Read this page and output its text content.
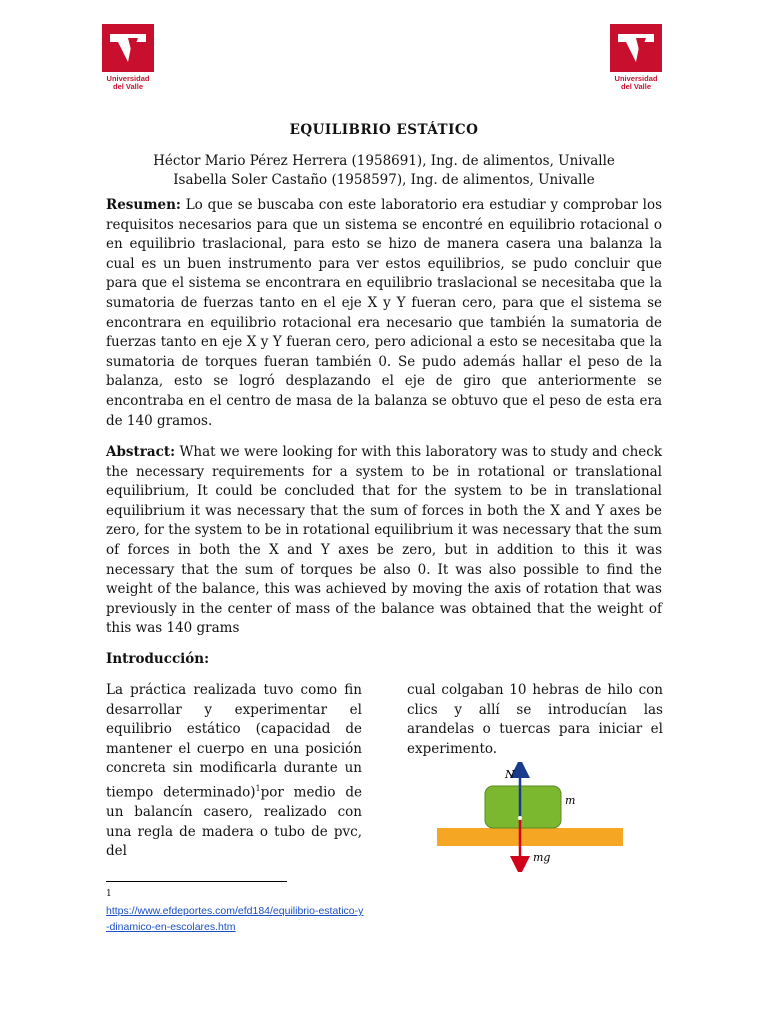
Universidad
del Valle
Universidad
del Valle
EQUILIBRIO ESTÁTICO
Héctor Mario Pérez Herrera (1958691), Ing. de alimentos, Univalle
Isabella Soler Castaño (1958597), Ing. de alimentos, Univalle
Resumen: Lo que se buscaba con este laboratorio era estudiar y comprobar los requisitos necesarios para que un sistema se encontré en equilibrio rotacional o en equilibrio traslacional, para esto se hizo de manera casera una balanza la cual es un buen instrumento para ver estos equilibrios, se pudo concluir que para que el sistema se encontrara en equilibrio traslacional se necesitaba que la sumatoria de fuerzas tanto en el eje X y Y fueran cero, para que el sistema se encontrara en equilibrio rotacional era necesario que también la sumatoria de fuerzas tanto en eje X y Y fueran cero, pero adicional a esto se necesitaba que la sumatoria de torques fueran también 0. Se pudo además hallar el peso de la balanza, esto se logró desplazando el eje de giro que anteriormente se encontraba en el centro de masa de la balanza se obtuvo que el peso de esta era de 140 gramos.
Abstract: What we were looking for with this laboratory was to study and check the necessary requirements for a system to be in rotational or translational equilibrium, It could be concluded that for the system to be in translational equilibrium it was necessary that the sum of forces in both the X and Y axes be zero, for the system to be in rotational equilibrium it was necessary that the sum of forces in both the X and Y axes be zero, but in addition to this it was necessary that the sum of torques be also 0. It was also possible to find the weight of the balance, this was achieved by moving the axis of rotation that was previously in the center of mass of the balance was obtained that the weight of this was 140 grams
Introducción:
La práctica realizada tuvo como fin desarrollar y experimentar el equilibrio estático (capacidad de mantener el cuerpo en una posición concreta sin modificarla durante un tiempo determinado)$^1$por medio de un balancín casero, realizado con una regla de madera o tubo de pvc, del
cual colgaban 10 hebras de hilo con clics y allí se introducían las arandelas o tuercas para iniciar el experimento.
N
m
mg
1
https://www.efdeportes.com/efd184/equilibrio-estatico-y-dinamico-en-escolares.htm
